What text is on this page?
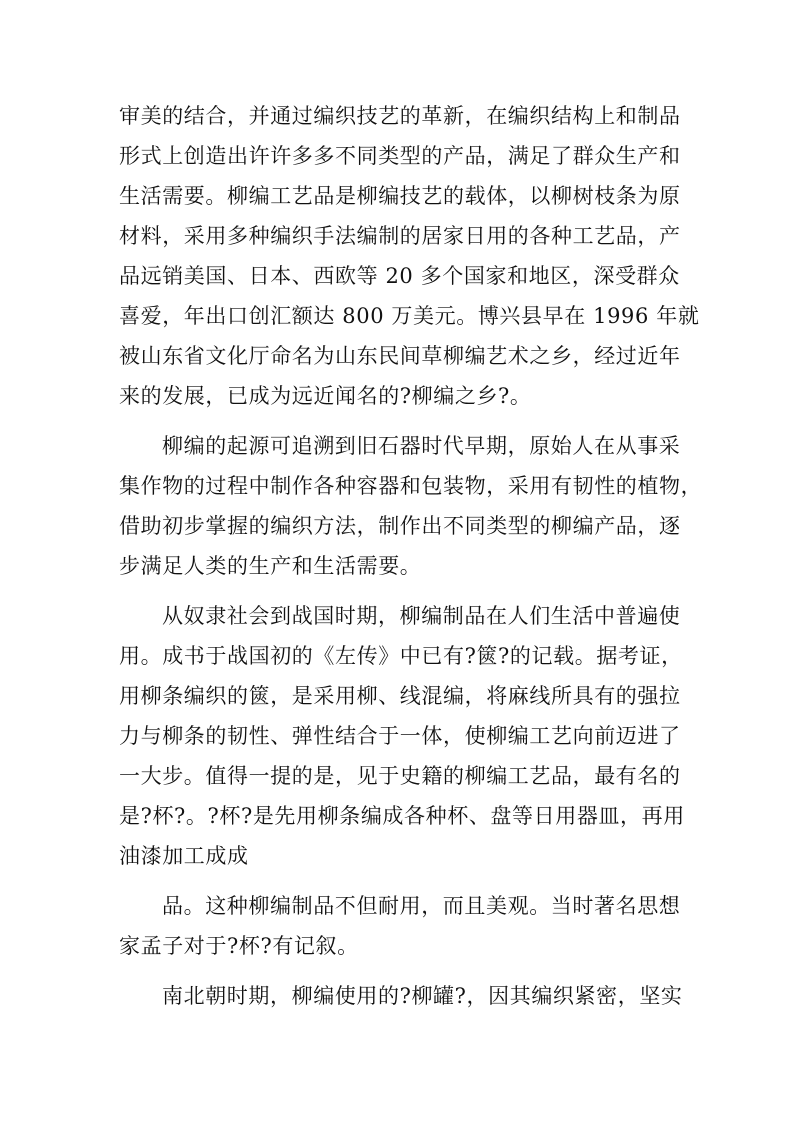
审美的结合，并通过编织技艺的革新，在编织结构上和制品
形式上创造出许许多多不同类型的产品，满足了群众生产和
生活需要。柳编工艺品是柳编技艺的载体，以柳树枝条为原
材料，采用多种编织手法编制的居家日用的各种工艺品，产
品远销美国、日本、西欧等 20 多个国家和地区，深受群众
喜爱，年出口创汇额达 800 万美元。博兴县早在 1996 年就
被山东省文化厅命名为山东民间草柳编艺术之乡，经过近年
来的发展，已成为远近闻名的?柳编之乡?。
柳编的起源可追溯到旧石器时代早期，原始人在从事采
集作物的过程中制作各种容器和包装物，采用有韧性的植物，
借助初步掌握的编织方法，制作出不同类型的柳编产品，逐
步满足人类的生产和生活需要。
从奴隶社会到战国时期，柳编制品在人们生活中普遍使
用。成书于战国初的《左传》中已有?篋?的记载。据考证，
用柳条编织的篋，是采用柳、线混编，将麻线所具有的强拉
力与柳条的韧性、弹性结合于一体，使柳编工艺向前迈进了
一大步。值得一提的是，见于史籍的柳编工艺品，最有名的
是?杯?。?杯?是先用柳条编成各种杯、盘等日用器皿，再用
油漆加工成成
品。这种柳编制品不但耐用，而且美观。当时著名思想
家孟子对于?杯?有记叙。
南北朝时期，柳编使用的?柳罐?，因其编织紧密，坚实
